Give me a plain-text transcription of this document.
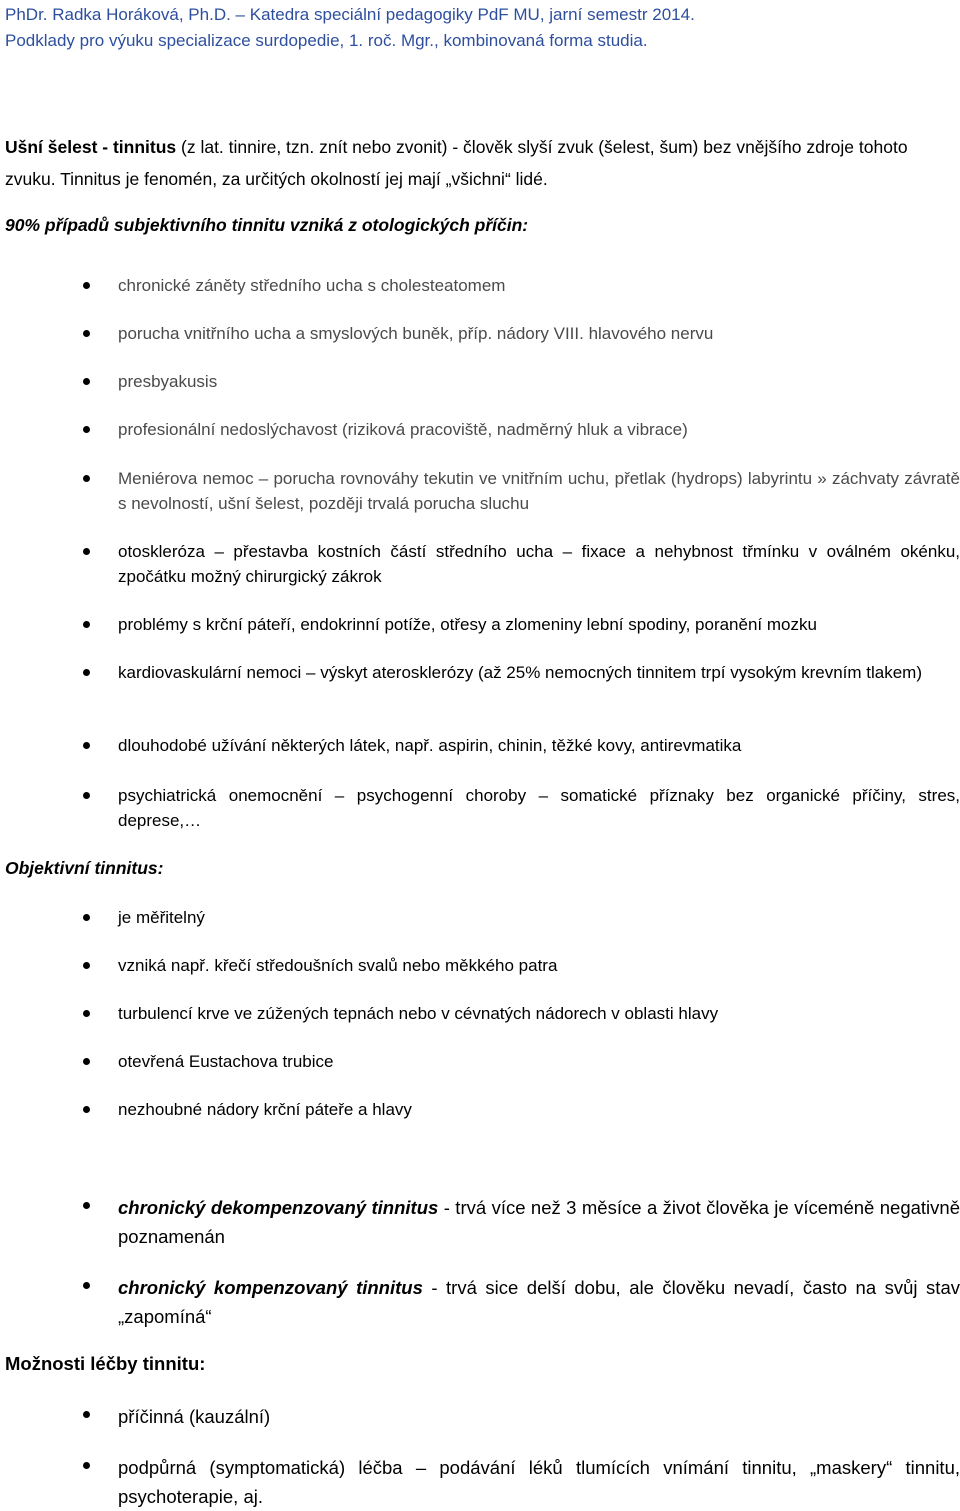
PhDr. Radka Horáková, Ph.D. – Katedra speciální pedagogiky PdF MU, jarní semestr 2014.
Podklady pro výuku specializace surdopedie, 1. roč. Mgr., kombinovaná forma studia.
Ušní šelest - tinnitus (z lat. tinnire, tzn. znít nebo zvonit) - člověk slyší zvuk (šelest, šum) bez vnějšího zdroje tohoto zvuku. Tinnitus je fenomén, za určitých okolností jej mají „všichni“ lidé.
90% případů subjektivního tinnitu vzniká z otologických příčin:
chronické záněty středního ucha s cholesteatomem
porucha vnitřního ucha a smyslových buněk, příp. nádory VIII. hlavového nervu
presbyakusis
profesionální nedoslýchavost (riziková pracoviště, nadměrný hluk a vibrace)
Meniérova nemoc – porucha rovnováhy tekutin ve vnitřním uchu, přetlak (hydrops) labyrintu » záchvaty závratě s nevolností, ušní šelest, později trvalá porucha sluchu
otoskleróza – přestavba kostních částí středního ucha – fixace a nehybnost třmínku v oválném okénku, zpočátku možný chirurgický zákrok
problémy s krční páteří, endokrinní potíže, otřesy a zlomeniny lební spodiny, poranění mozku
kardiovaskulární nemoci – výskyt aterosklerózy (až 25% nemocných tinnitem trpí vysokým krevním tlakem)
dlouhodobé užívání některých látek, např. aspirin, chinin, těžké kovy, antirevmatika
psychiatrická onemocnění – psychogenní choroby – somatické příznaky bez organické příčiny, stres, deprese,…
Objektivní tinnitus:
je měřitelný
vzniká např. křečí středoušních svalů nebo měkkého patra
turbulencí krve ve zúžených tepnách nebo v cévnatých nádorech v oblasti hlavy
otevřená Eustachova trubice
nezhoubné nádory krční páteře a hlavy
chronický dekompenzovaný tinnitus - trvá více než 3 měsíce a život člověka je víceméně negativně poznamenán
chronický kompenzovaný tinnitus - trvá sice delší dobu, ale člověku nevadí, často na svůj stav „zapomíná“
Možnosti léčby tinnitu:
příčinná (kauzální)
podpůrná (symptomatická) léčba – podávání léků tlumících vnímání tinnitu, „maskery“ tinnitu, psychoterapie, aj.
